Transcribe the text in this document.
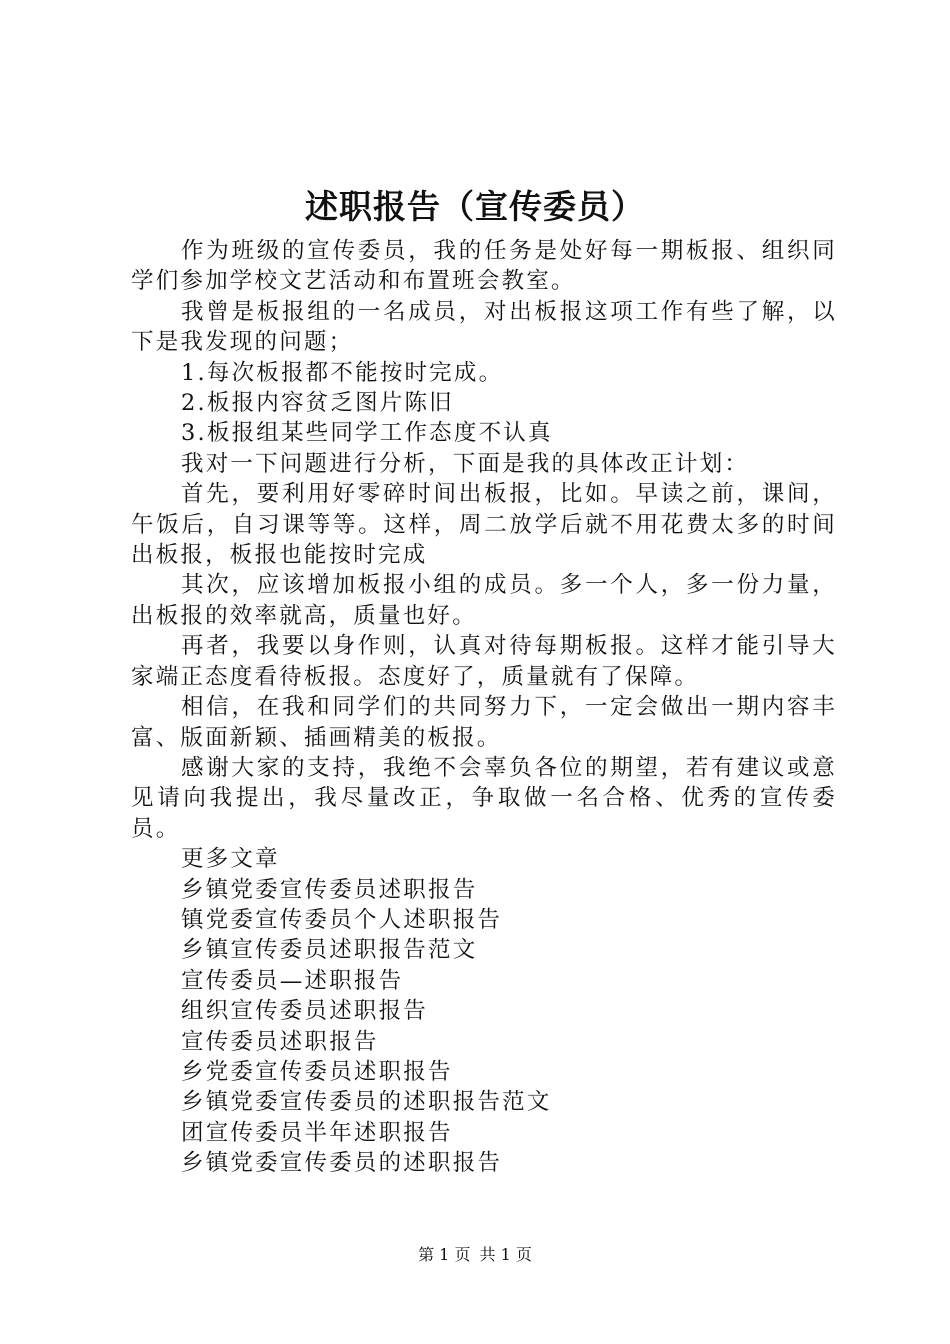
述职报告（宣传委员）

作为班级的宣传委员，我的任务是处好每一期板报、组织同学们参加学校文艺活动和布置班会教室。

我曾是板报组的一名成员，对出板报这项工作有些了解，以下是我发现的问题；

1.每次板报都不能按时完成。

2.板报内容贫乏图片陈旧

3.板报组某些同学工作态度不认真

我对一下问题进行分析，下面是我的具体改正计划：

首先，要利用好零碎时间出板报，比如。早读之前，课间，午饭后，自习课等等。这样，周二放学后就不用花费太多的时间出板报，板报也能按时完成

其次，应该增加板报小组的成员。多一个人，多一份力量，出板报的效率就高，质量也好。

再者，我要以身作则，认真对待每期板报。这样才能引导大家端正态度看待板报。态度好了，质量就有了保障。

相信，在我和同学们的共同努力下，一定会做出一期内容丰富、版面新颖、插画精美的板报。

感谢大家的支持，我绝不会辜负各位的期望，若有建议或意见请向我提出，我尽量改正，争取做一名合格、优秀的宣传委员。

更多文章

乡镇党委宣传委员述职报告

镇党委宣传委员个人述职报告

乡镇宣传委员述职报告范文

宣传委员—述职报告

组织宣传委员述职报告

宣传委员述职报告

乡党委宣传委员述职报告

乡镇党委宣传委员的述职报告范文

团宣传委员半年述职报告

乡镇党委宣传委员的述职报告

第 1 页 共 1 页
